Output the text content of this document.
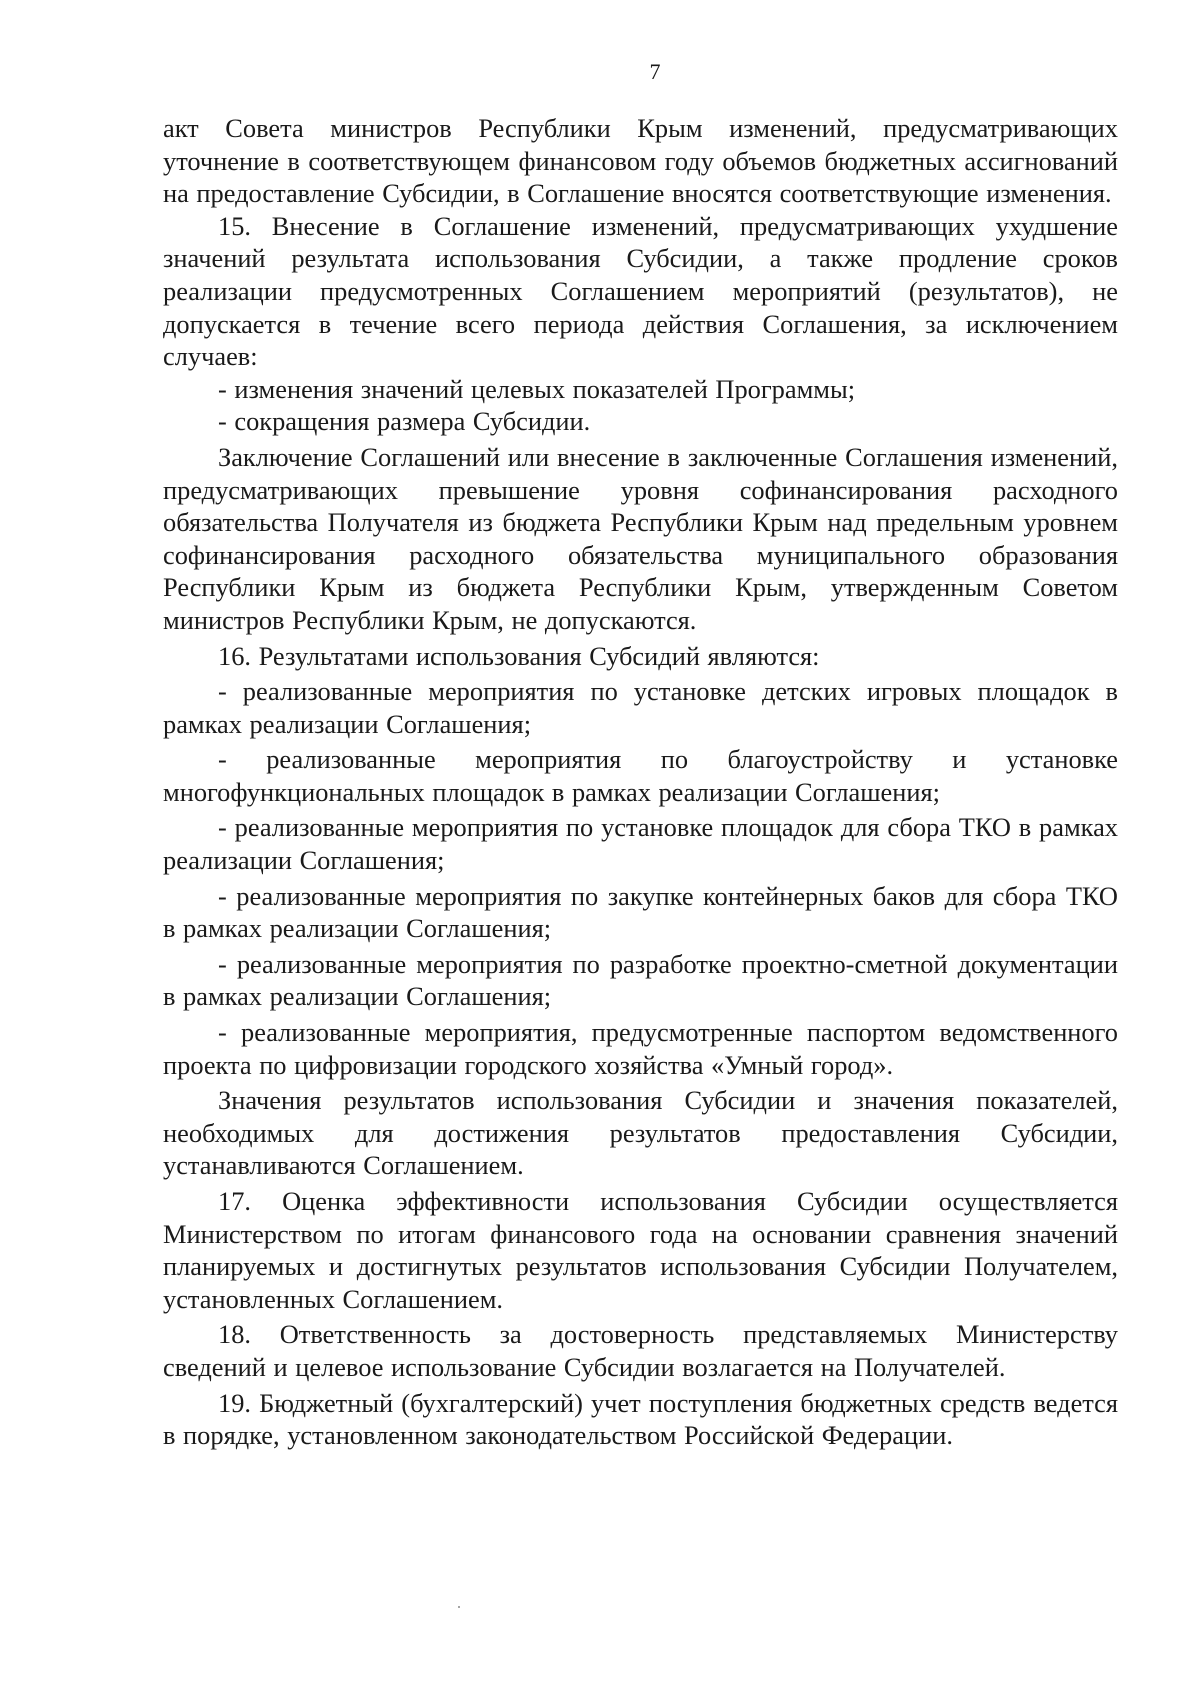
7

акт Совета министров Республики Крым изменений, предусматривающих уточнение в соответствующем финансовом году объемов бюджетных ассигнований на предоставление Субсидии, в Соглашение вносятся соответствующие изменения.

15. Внесение в Соглашение изменений, предусматривающих ухудшение значений результата использования Субсидии, а также продление сроков реализации предусмотренных Соглашением мероприятий (результатов), не допускается в течение всего периода действия Соглашения, за исключением случаев:

- изменения значений целевых показателей Программы;

- сокращения размера Субсидии.

Заключение Соглашений или внесение в заключенные Соглашения изменений, предусматривающих превышение уровня софинансирования расходного обязательства Получателя из бюджета Республики Крым над предельным уровнем софинансирования расходного обязательства муниципального образования Республики Крым из бюджета Республики Крым, утвержденным Советом министров Республики Крым, не допускаются.

16. Результатами использования Субсидий являются:

- реализованные мероприятия по установке детских игровых площадок в рамках реализации Соглашения;

- реализованные мероприятия по благоустройству и установке многофункциональных площадок в рамках реализации Соглашения;

- реализованные мероприятия по установке площадок для сбора ТКО в рамках реализации Соглашения;

- реализованные мероприятия по закупке контейнерных баков для сбора ТКО в рамках реализации Соглашения;

- реализованные мероприятия по разработке проектно-сметной документации в рамках реализации Соглашения;

- реализованные мероприятия, предусмотренные паспортом ведомственного проекта по цифровизации городского хозяйства «Умный город».

Значения результатов использования Субсидии и значения показателей, необходимых для достижения результатов предоставления Субсидии, устанавливаются Соглашением.

17. Оценка эффективности использования Субсидии осуществляется Министерством по итогам финансового года на основании сравнения значений планируемых и достигнутых результатов использования Субсидии Получателем, установленных Соглашением.

18. Ответственность за достоверность представляемых Министерству сведений и целевое использование Субсидии возлагается на Получателей.

19. Бюджетный (бухгалтерский) учет поступления бюджетных средств ведется в порядке, установленном законодательством Российской Федерации.
